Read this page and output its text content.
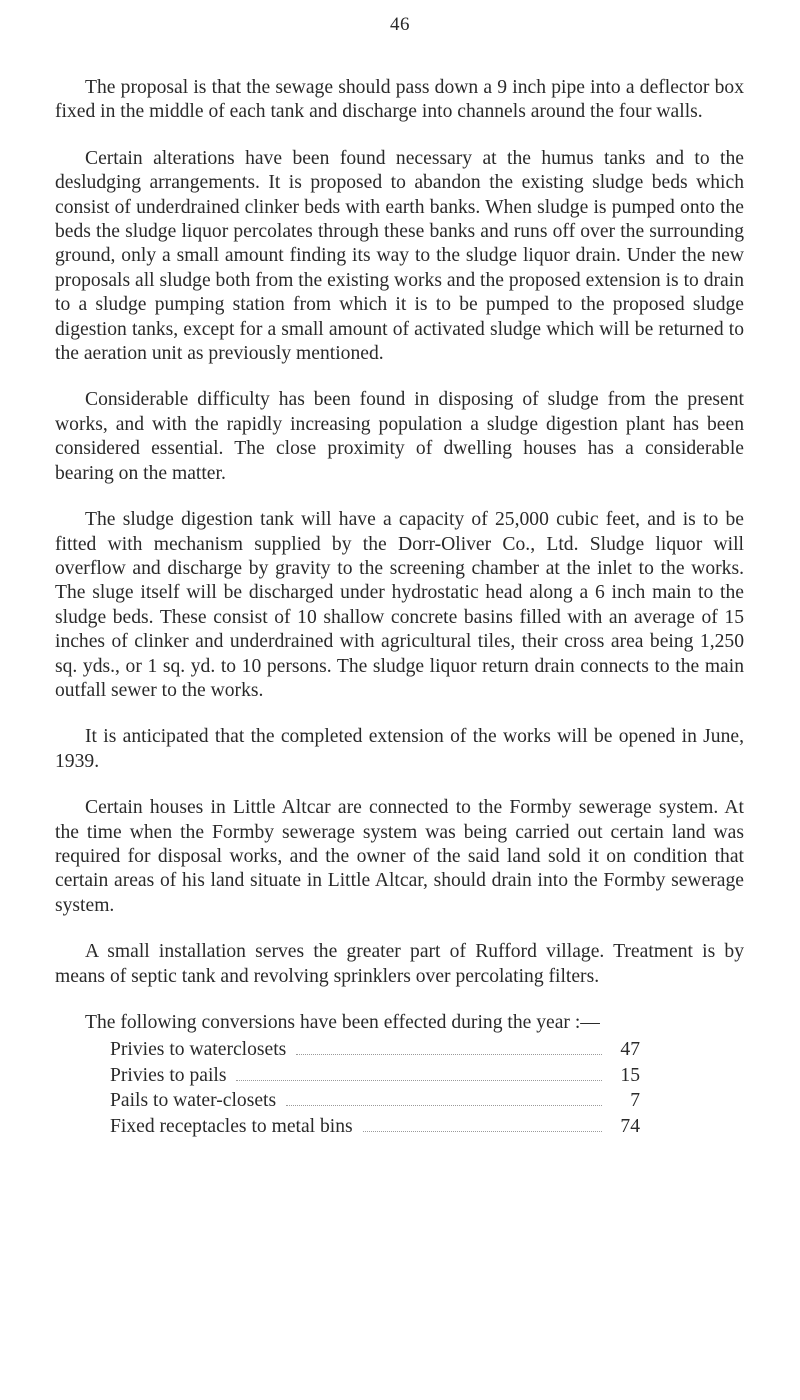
46

The proposal is that the sewage should pass down a 9 inch pipe into a deflector box fixed in the middle of each tank and discharge into channels around the four walls.

Certain alterations have been found necessary at the humus tanks and to the desludging arrangements. It is proposed to abandon the existing sludge beds which consist of underdrained clinker beds with earth banks. When sludge is pumped onto the beds the sludge liquor percolates through these banks and runs off over the surrounding ground, only a small amount finding its way to the sludge liquor drain. Under the new proposals all sludge both from the existing works and the proposed extension is to drain to a sludge pumping station from which it is to be pumped to the proposed sludge digestion tanks, except for a small amount of activated sludge which will be returned to the aeration unit as previously mentioned.

Considerable difficulty has been found in disposing of sludge from the present works, and with the rapidly increasing population a sludge digestion plant has been considered essential. The close proximity of dwelling houses has a considerable bearing on the matter.

The sludge digestion tank will have a capacity of 25,000 cubic feet, and is to be fitted with mechanism supplied by the Dorr-Oliver Co., Ltd. Sludge liquor will overflow and discharge by gravity to the screening chamber at the inlet to the works. The sluge itself will be discharged under hydrostatic head along a 6 inch main to the sludge beds. These consist of 10 shallow concrete basins filled with an average of 15 inches of clinker and underdrained with agricultural tiles, their cross area being 1,250 sq. yds., or 1 sq. yd. to 10 persons. The sludge liquor return drain connects to the main outfall sewer to the works.

It is anticipated that the completed extension of the works will be opened in June, 1939.

Certain houses in Little Altcar are connected to the Formby sewerage system. At the time when the Formby sewerage system was being carried out certain land was required for disposal works, and the owner of the said land sold it on condition that certain areas of his land situate in Little Altcar, should drain into the Formby sewerage system.

A small installation serves the greater part of Rufford village. Treatment is by means of septic tank and revolving sprinklers over percolating filters.

The following conversions have been effected during the year :—

Privies to waterclosets	47
Privies to pails	15
Pails to water-closets	7
Fixed receptacles to metal bins	74
